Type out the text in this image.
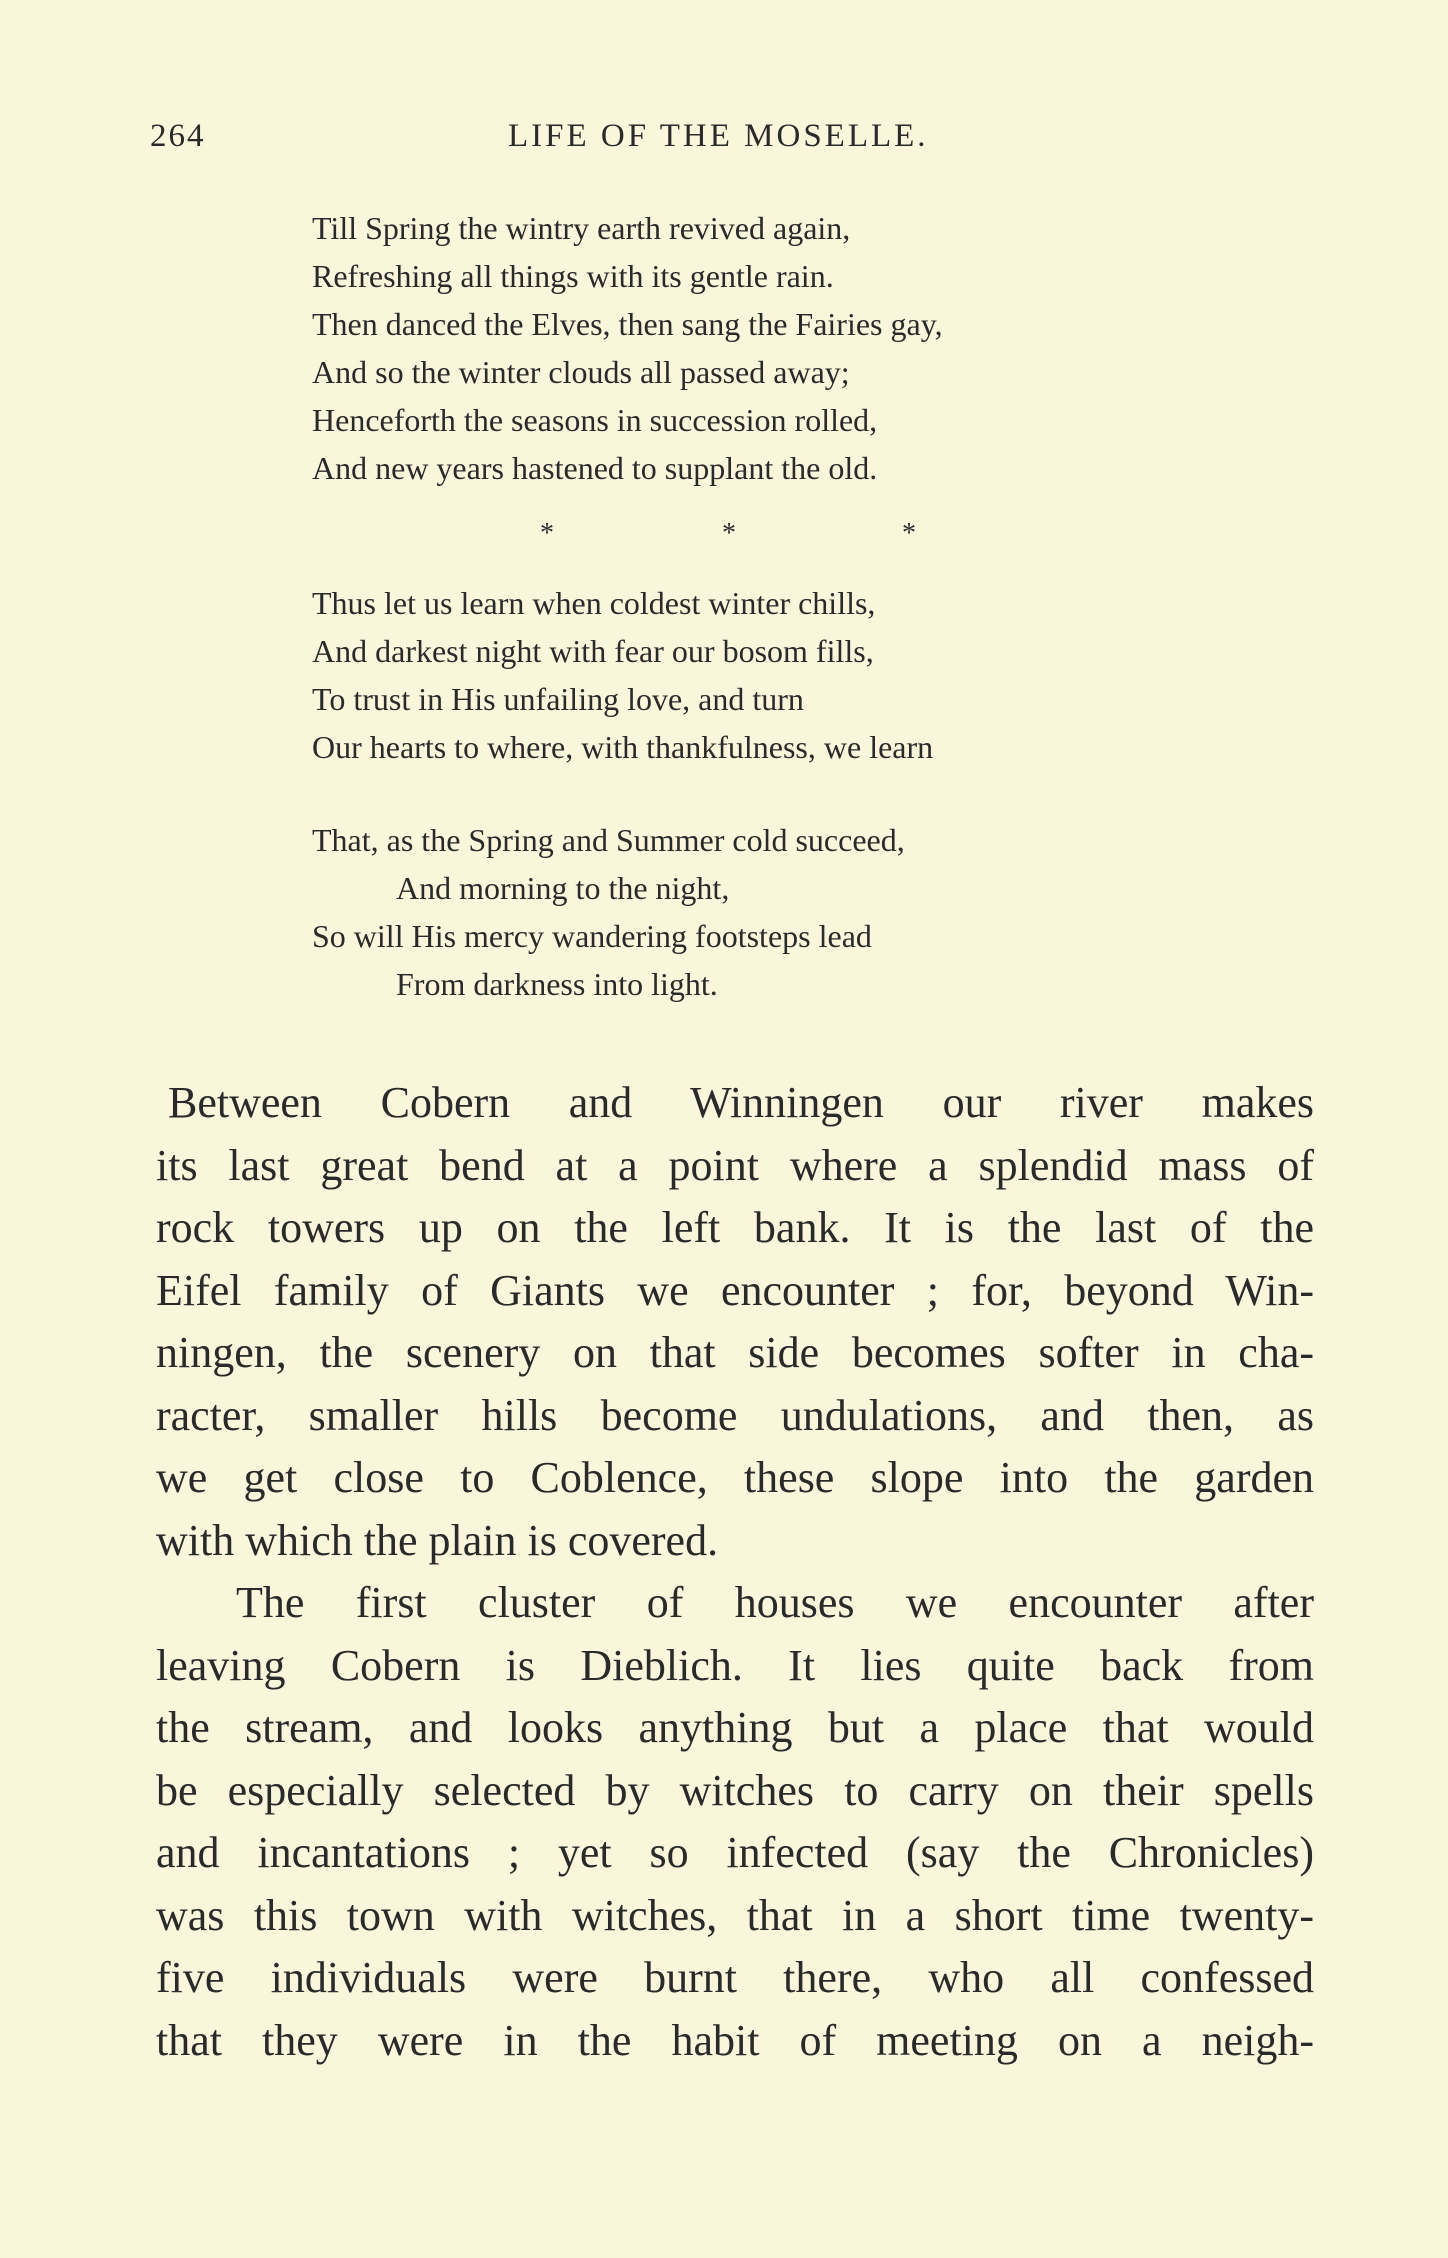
264	LIFE OF THE MOSELLE.
Till Spring the wintry earth revived again,
Refreshing all things with its gentle rain.
Then danced the Elves, then sang the Fairies gay,
And so the winter clouds all passed away;
Henceforth the seasons in succession rolled,
And new years hastened to supplant the old.
*	*	*
Thus let us learn when coldest winter chills,
And darkest night with fear our bosom fills,
To trust in His unfailing love, and turn
Our hearts to where, with thankfulness, we learn
That, as the Spring and Summer cold succeed,
And morning to the night,
So will His mercy wandering footsteps lead
From darkness into light.
Between Cobern and Winningen our river makes
its last great bend at a point where a splendid mass of
rock towers up on the left bank. It is the last of the
Eifel family of Giants we encounter ; for, beyond Win-
ningen, the scenery on that side becomes softer in cha-
racter, smaller hills become undulations, and then, as
we get close to Coblence, these slope into the garden
with which the plain is covered.
The first cluster of houses we encounter after
leaving Cobern is Dieblich. It lies quite back from
the stream, and looks anything but a place that would
be especially selected by witches to carry on their spells
and incantations ; yet so infected (say the Chronicles)
was this town with witches, that in a short time twenty-
five individuals were burnt there, who all confessed
that they were in the habit of meeting on a neigh-
